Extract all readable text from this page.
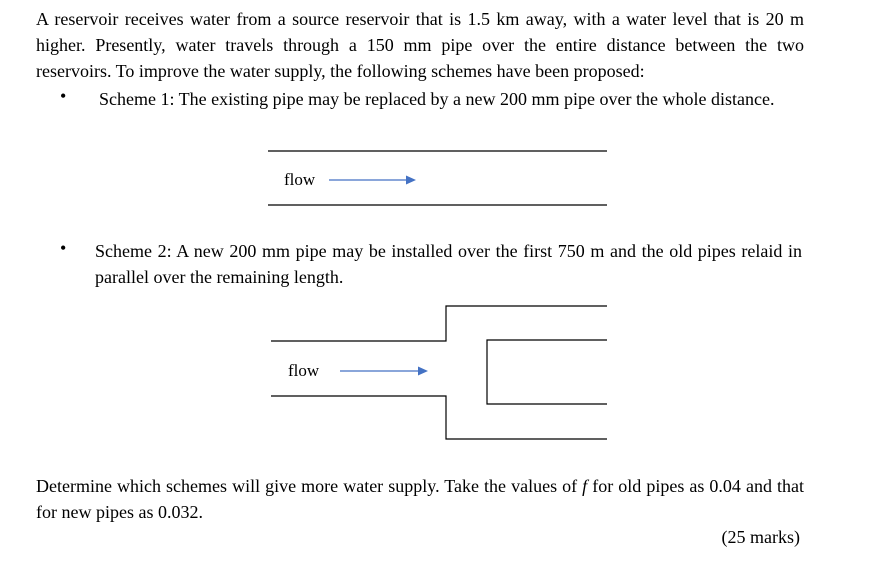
A reservoir receives water from a source reservoir that is 1.5 km away, with a water level that is 20 m higher. Presently, water travels through a 150 mm pipe over the entire distance between the two reservoirs. To improve the water supply, the following schemes have been proposed:
• Scheme 1: The existing pipe may be replaced by a new 200 mm pipe over the whole distance.
flow
• Scheme 2: A new 200 mm pipe may be installed over the first 750 m and the old pipes relaid in parallel over the remaining length.
flow
Determine which schemes will give more water supply. Take the values of f for old pipes as 0.04 and that for new pipes as 0.032.
(25 marks)
